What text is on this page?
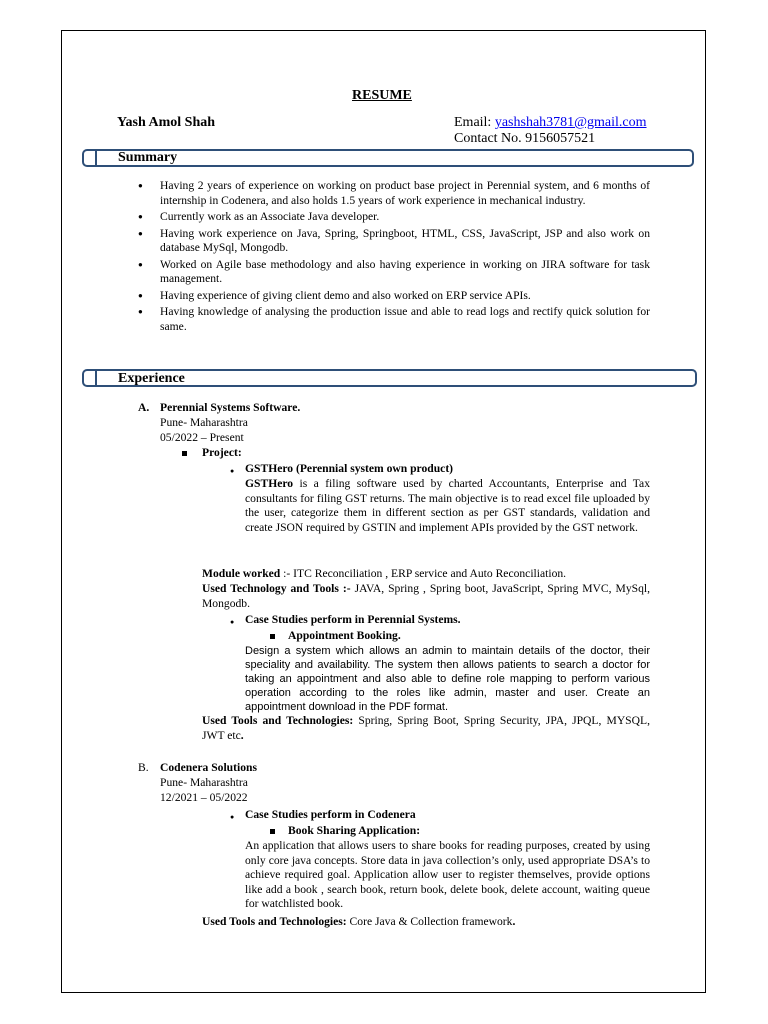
RESUME

Yash Amol Shah	Email: yashshah3781@gmail.com

Contact No. 9156057521

Summary

● Having 2 years of experience on working on product base project in Perennial system, and 6 months of internship in Codenera, and also holds 1.5 years of work experience in mechanical industry.
● Currently work as an Associate Java developer.
● Having work experience on Java, Spring, Springboot, HTML, CSS, JavaScript, JSP and also work on database MySql, Mongodb.
● Worked on Agile base methodology and also having experience in working on JIRA software for task management.
● Having experience of giving client demo and also worked on ERP service APIs.
● Having knowledge of analysing the production issue and able to read logs and rectify quick solution for same.

Experience

A. Perennial Systems Software.

Pune- Maharashtra

05/2022 – Present

Project:

●

GSTHero (Perennial system own product)

GSTHero is a filing software used by charted Accountants, Enterprise and Tax consultants for filing GST returns. The main objective is to read excel file uploaded by the user, categorize them in different section as per GST standards, validation and create JSON required by GSTIN and implement APIs provided by the GST network.

Module worked :- ITC Reconciliation , ERP service and Auto Reconciliation.

Used Technology and Tools :- JAVA, Spring , Spring boot, JavaScript, Spring MVC, MySql, Mongodb.

●

Case Studies perform in Perennial Systems.

Appointment Booking.

Design a system which allows an admin to maintain details of the doctor, their speciality and availability. The system then allows patients to search a doctor for taking an appointment and also able to define role mapping to perform various operation according to the roles like admin, master and user. Create an appointment download in the PDF format.

Used Tools and Technologies: Spring, Spring Boot, Spring Security, JPA, JPQL, MYSQL, JWT etc.

B. Codenera Solutions

Pune- Maharashtra

12/2021 – 05/2022

●

Case Studies perform in Codenera

Book Sharing Application:

An application that allows users to share books for reading purposes, created by using only core java concepts. Store data in java collection’s only, used appropriate DSA’s to achieve required goal. Application allow user to register themselves, provide options like add a book , search book, return book, delete book, delete account, waiting queue for watchlisted book.

Used Tools and Technologies: Core Java & Collection framework.
